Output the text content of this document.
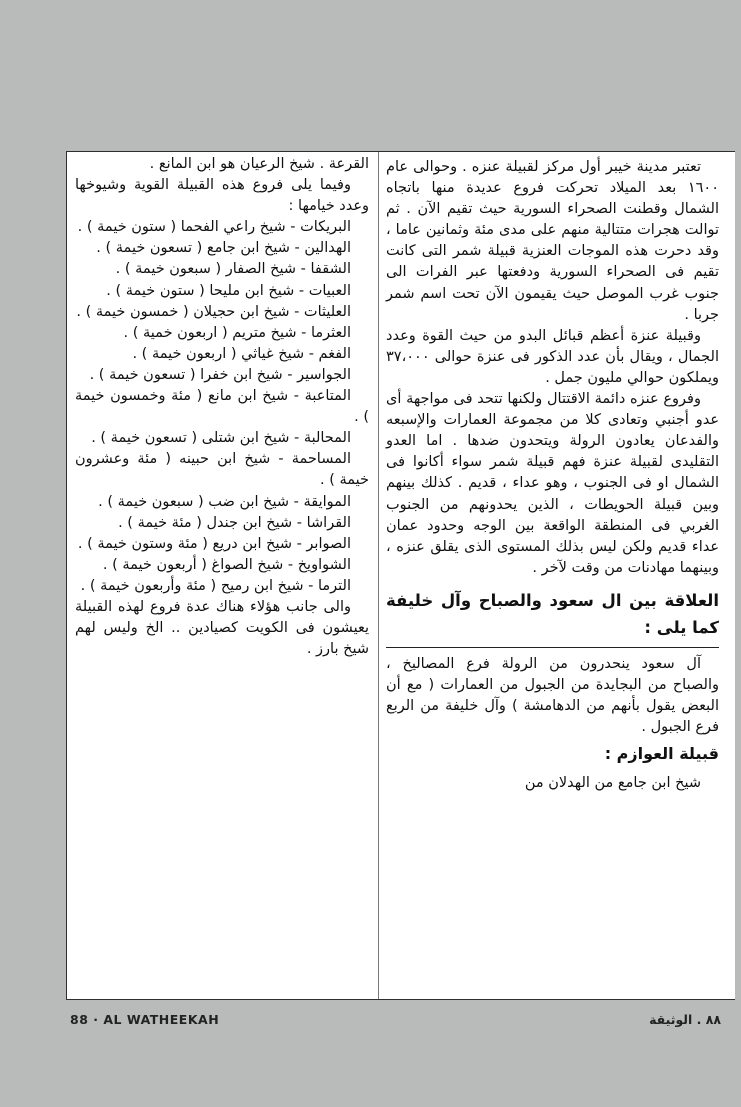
تعتبر مدينة خيبر أول مركز لقبيلة عنزه . وحوالى عام ١٦٠٠ بعد الميلاد تحركت فروع عديدة منها باتجاه الشمال وقطنت الصحراء السورية حيث تقيم الآن . ثم توالت هجرات متتالية منهم على مدى مئة وثمانين عاما ، وقد دحرت هذه الموجات العنزية قبيلة شمر التى كانت تقيم فى الصحراء السورية ودفعتها عبر الفرات الى جنوب غرب الموصل حيث يقيمون الآن تحت اسم شمر جربا .

وقبيلة عنزة أعظم قبائل البدو من حيث القوة وعدد الجمال ، ويقال بأن عدد الذكور فى عنزة حوالى ٣٧،٠٠٠ ويملكون حوالي مليون جمل .

وفروع عنزه دائمة الاقتتال ولكنها تتحد فى مواجهة أى عدو أجنبي وتعادى كلا من مجموعة العمارات والإسبعه والفدعان يعادون الرولة ويتحدون ضدها . اما العدو التقليدى لقبيلة عنزة فهم قبيلة شمر سواء أكانوا فى الشمال او فى الجنوب ، وهو عداء ، قديم . كذلك بينهم وبين قبيلة الحويطات ، الذين يحدونهم من الجنوب الغربي فى المنطقة الواقعة بين الوجه وحدود عمان عداء قديم ولكن ليس بذلك المستوى الذى يقلق عنزه ، وبينهما مهادنات من وقت لآخر .

العلاقة بين ال سعود والصباح وآل خليفة كما يلى :

آل سعود ينحدرون من الرولة فرع المصاليخ ، والصباح من البجايدة من الجبول من العمارات ( مع أن البعض يقول بأنهم من الدهامشة ) وآل خليفة من الربع فرع الجبول .

قبيلة العوازم :

شيخ ابن جامع من الهدلان من

القرعة . شيخ الرعيان هو ابن المانع .

وفيما يلى فروع هذه القبيلة القوية وشيوخها وعدد خيامها :

البريكات - شيخ راعي الفحما ( ستون خيمة ) .

الهدالين - شيخ ابن جامع ( تسعون خيمة ) .

الشقفا - شيخ الصفار ( سبعون خيمة ) .

العبيات - شيخ ابن مليحا ( ستون خيمة ) .

العليثات - شيخ ابن حجيلان ( خمسون خيمة ) .

العثرما - شيخ متريم ( اربعون خمية ) .

الفغم - شيخ غياثي ( اربعون خيمة ) .

الجواسير - شيخ ابن خفرا ( تسعون خيمة ) .

المتاعبة - شيخ ابن مانع ( مئة وخمسون خيمة ) .

المحالبة - شيخ ابن شتلى ( تسعون خيمة ) .

المساحمة - شيخ ابن حبينه ( مئة وعشرون خيمة ) .

الموايقة - شيخ ابن ضب ( سبعون خيمة ) .

القراشا - شيخ ابن جندل ( مئة خيمة ) .

الصوابر - شيخ ابن دريع ( مئة وستون خيمة ) .

الشواويخ - شيخ الصواغ ( أربعون خيمة ) .

الترما - شيخ ابن رميح ( مئة وأربعون خيمة ) .

والى جانب هؤلاء هناك عدة فروع لهذه القبيلة يعيشون فى الكويت كصيادين .. الخ وليس لهم شيخ بارز .

88 · AL WATHEEKAH	٨٨ . الوثيقة
